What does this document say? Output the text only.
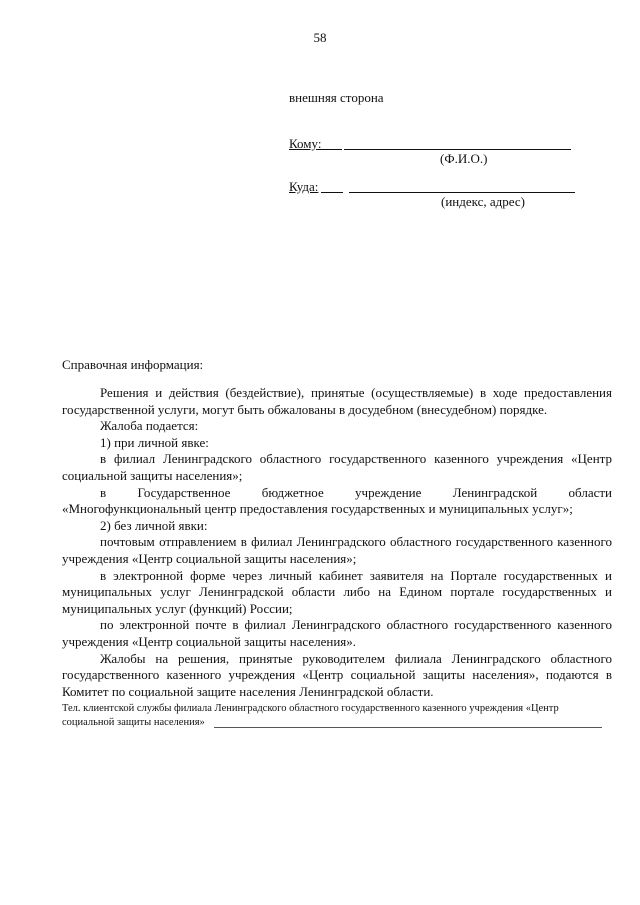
58
внешняя сторона
Кому:
(Ф.И.О.)
Куда:
(индекс, адрес)
Справочная информация:

Решения и действия (бездействие), принятые (осуществляемые) в ходе предоставления государственной услуги, могут быть обжалованы в досудебном (внесудебном) порядке.

Жалоба подается:

1) при личной явке:

в филиал Ленинградского областного государственного казенного учреждения «Центр социальной защиты населения»;

в Государственное бюджетное учреждение Ленинградской области

«Многофункциональный центр предоставления государственных и муниципальных услуг»;

2) без личной явки:

почтовым отправлением в филиал Ленинградского областного государственного казенного учреждения «Центр социальной защиты населения»;

в электронной форме через личный кабинет заявителя на Портале государственных и муниципальных услуг Ленинградской области либо на Едином портале государственных и муниципальных услуг (функций) России;

по электронной почте в филиал Ленинградского областного государственного казенного учреждения «Центр социальной защиты населения».

Жалобы на решения, принятые руководителем филиала Ленинградского областного государственного казенного учреждения «Центр социальной защиты населения», подаются в Комитет по социальной защите населения Ленинградской области.

Тел. клиентской службы филиала Ленинградского областного государственного казенного учреждения «Центр
социальной защиты населения»
